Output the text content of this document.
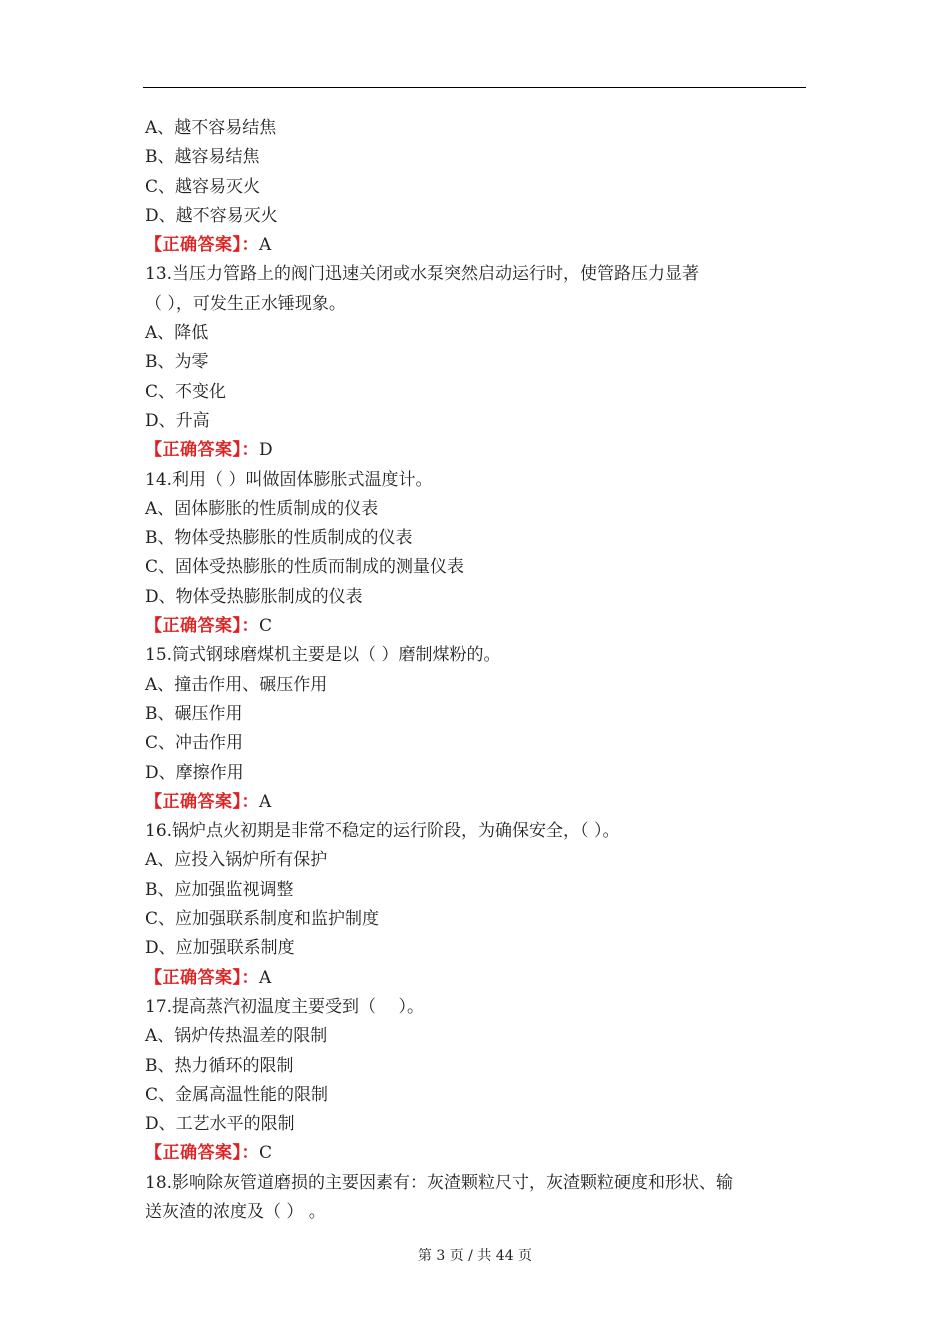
A、越不容易结焦
B、越容易结焦
C、越容易灭火
D、越不容易灭火
【正确答案】：A
13.当压力管路上的阀门迅速关闭或水泵突然启动运行时，使管路压力显著
（ ），可发生正水锤现象。
A、降低
B、为零
C、不变化
D、升高
【正确答案】：D
14.利用（ ）叫做固体膨胀式温度计。
A、固体膨胀的性质制成的仪表
B、物体受热膨胀的性质制成的仪表
C、固体受热膨胀的性质而制成的测量仪表
D、物体受热膨胀制成的仪表
【正确答案】：C
15.筒式钢球磨煤机主要是以（ ）磨制煤粉的。
A、撞击作用、碾压作用
B、碾压作用
C、冲击作用
D、摩擦作用
【正确答案】：A
16.锅炉点火初期是非常不稳定的运行阶段，为确保安全，（ ）。
A、应投入锅炉所有保护
B、应加强监视调整
C、应加强联系制度和监护制度
D、应加强联系制度
【正确答案】：A
17.提高蒸汽初温度主要受到（　 ）。
A、锅炉传热温差的限制
B、热力循环的限制
C、金属高温性能的限制
D、工艺水平的限制
【正确答案】：C
18.影响除灰管道磨损的主要因素有：灰渣颗粒尺寸，灰渣颗粒硬度和形状、输
送灰渣的浓度及（ ） 。
第 3 页 / 共 44 页
